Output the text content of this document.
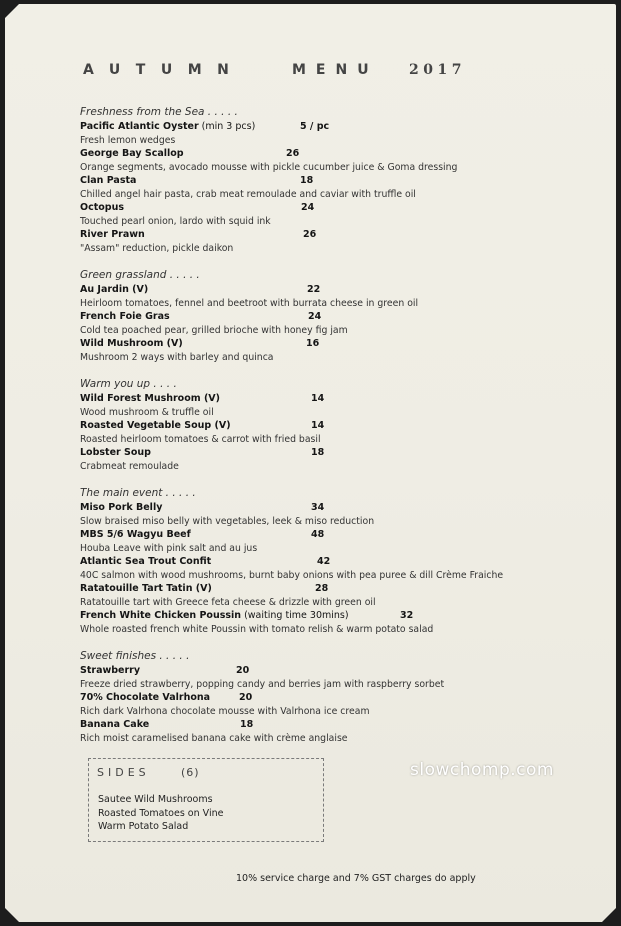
AUTUMN	MENU 2017
Freshness from the Sea . . . . .
Pacific Atlantic Oyster (min 3 pcs)	5 / pc
Fresh lemon wedges
George Bay Scallop	26
Orange segments, avocado mousse with pickle cucumber juice & Goma dressing
Clan Pasta	18
Chilled angel hair pasta, crab meat remoulade and caviar with truffle oil
Octopus	24
Touched pearl onion, lardo with squid ink
River Prawn	26
"Assam" reduction, pickle daikon
Green grassland . . . . .
Au Jardin (V)	22
Heirloom tomatoes, fennel and beetroot with burrata cheese in green oil
French Foie Gras	24
Cold tea poached pear, grilled brioche with honey fig jam
Wild Mushroom (V)	16
Mushroom 2 ways with barley and quinca
Warm you up . . . .
Wild Forest Mushroom (V)	14
Wood mushroom & truffle oil
Roasted Vegetable Soup (V)	14
Roasted heirloom tomatoes & carrot with fried basil
Lobster Soup	18
Crabmeat remoulade
The main event . . . . .
Miso Pork Belly	34
Slow braised miso belly with vegetables, leek & miso reduction
MBS 5/6 Wagyu Beef	48
Houba Leave with pink salt and au jus
Atlantic Sea Trout Confit	42
40C salmon with wood mushrooms, burnt baby onions with pea puree & dill Crème Fraiche
Ratatouille Tart Tatin (V)	28
Ratatouille tart with Greece feta cheese & drizzle with green oil
French White Chicken Poussin (waiting time 30mins)	32
Whole roasted french white Poussin with tomato relish & warm potato salad
Sweet finishes . . . . .
Strawberry	20
Freeze dried strawberry, popping candy and berries jam with raspberry sorbet
70% Chocolate Valrhona	20
Rich dark Valrhona chocolate mousse with Valrhona ice cream
Banana Cake	18
Rich moist caramelised banana cake with crème anglaise
SIDES	(6)
Sautee Wild Mushrooms
Roasted Tomatoes on Vine
Warm Potato Salad
slowchomp.com
10% service charge and 7% GST charges do apply
